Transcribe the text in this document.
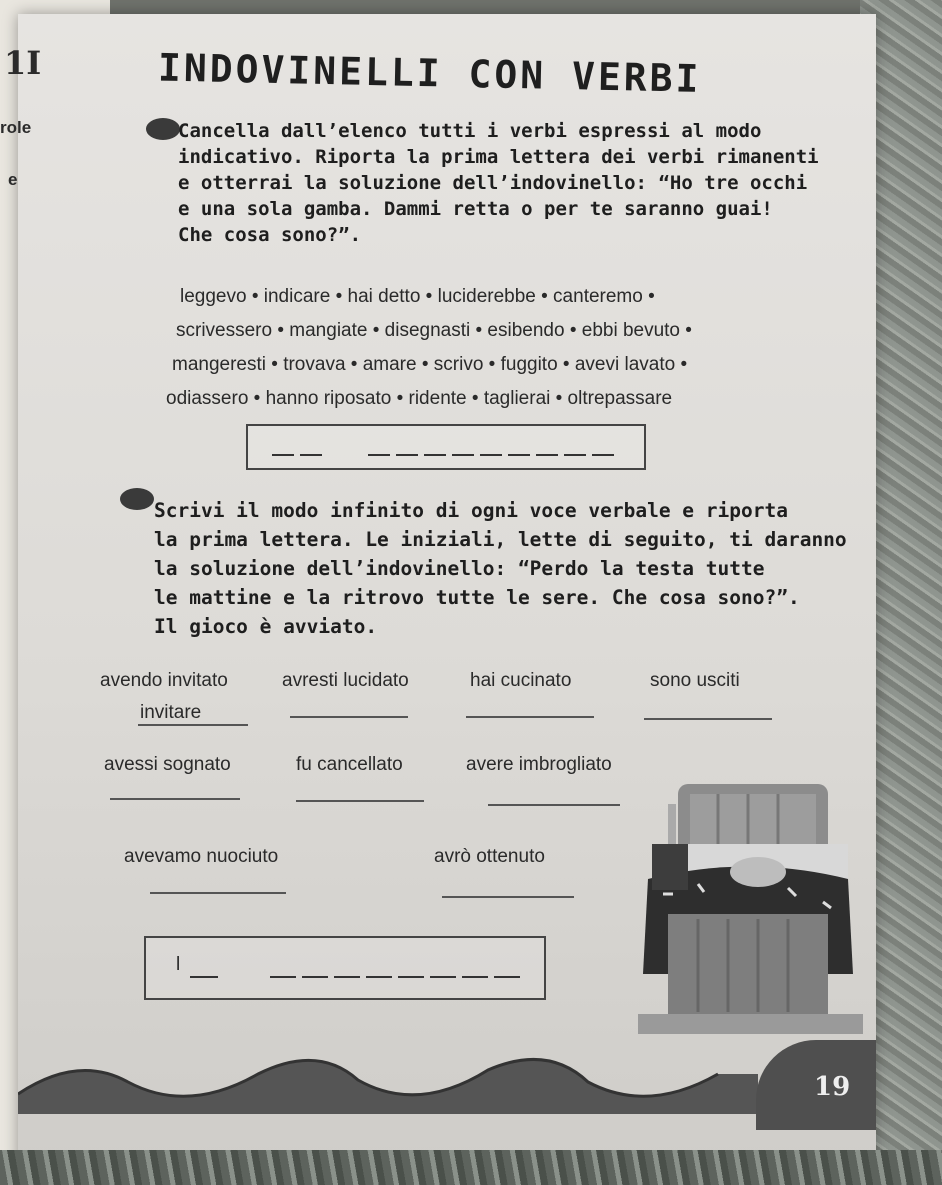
1I
role
e
INDOVINELLI CON VERBI
Cancella dall’elenco tutti i verbi espressi al modo
indicativo. Riporta la prima lettera dei verbi rimanenti
e otterrai la soluzione dell’indovinello: “Ho tre occhi
e una sola gamba. Dammi retta o per te saranno guai!
Che cosa sono?”.
leggevo • indicare • hai detto • luciderebbe • canteremo •
scrivessero • mangiate • disegnasti • esibendo • ebbi bevuto •
mangeresti • trovava • amare • scrivo • fuggito • avevi lavato •
odiassero • hanno riposato • ridente • taglierai • oltrepassare
Scrivi il modo infinito di ogni voce verbale e riporta
la prima lettera. Le iniziali, lette di seguito, ti daranno
la soluzione dell’indovinello: “Perdo la testa tutte
le mattine e la ritrovo tutte le sere. Che cosa sono?”.
Il gioco è avviato.
avendo invitato	avresti lucidato	hai cucinato	sono usciti
invitare
avessi sognato	fu cancellato	avere imbrogliato
avevamo nuociuto	avrò ottenuto
l
19
